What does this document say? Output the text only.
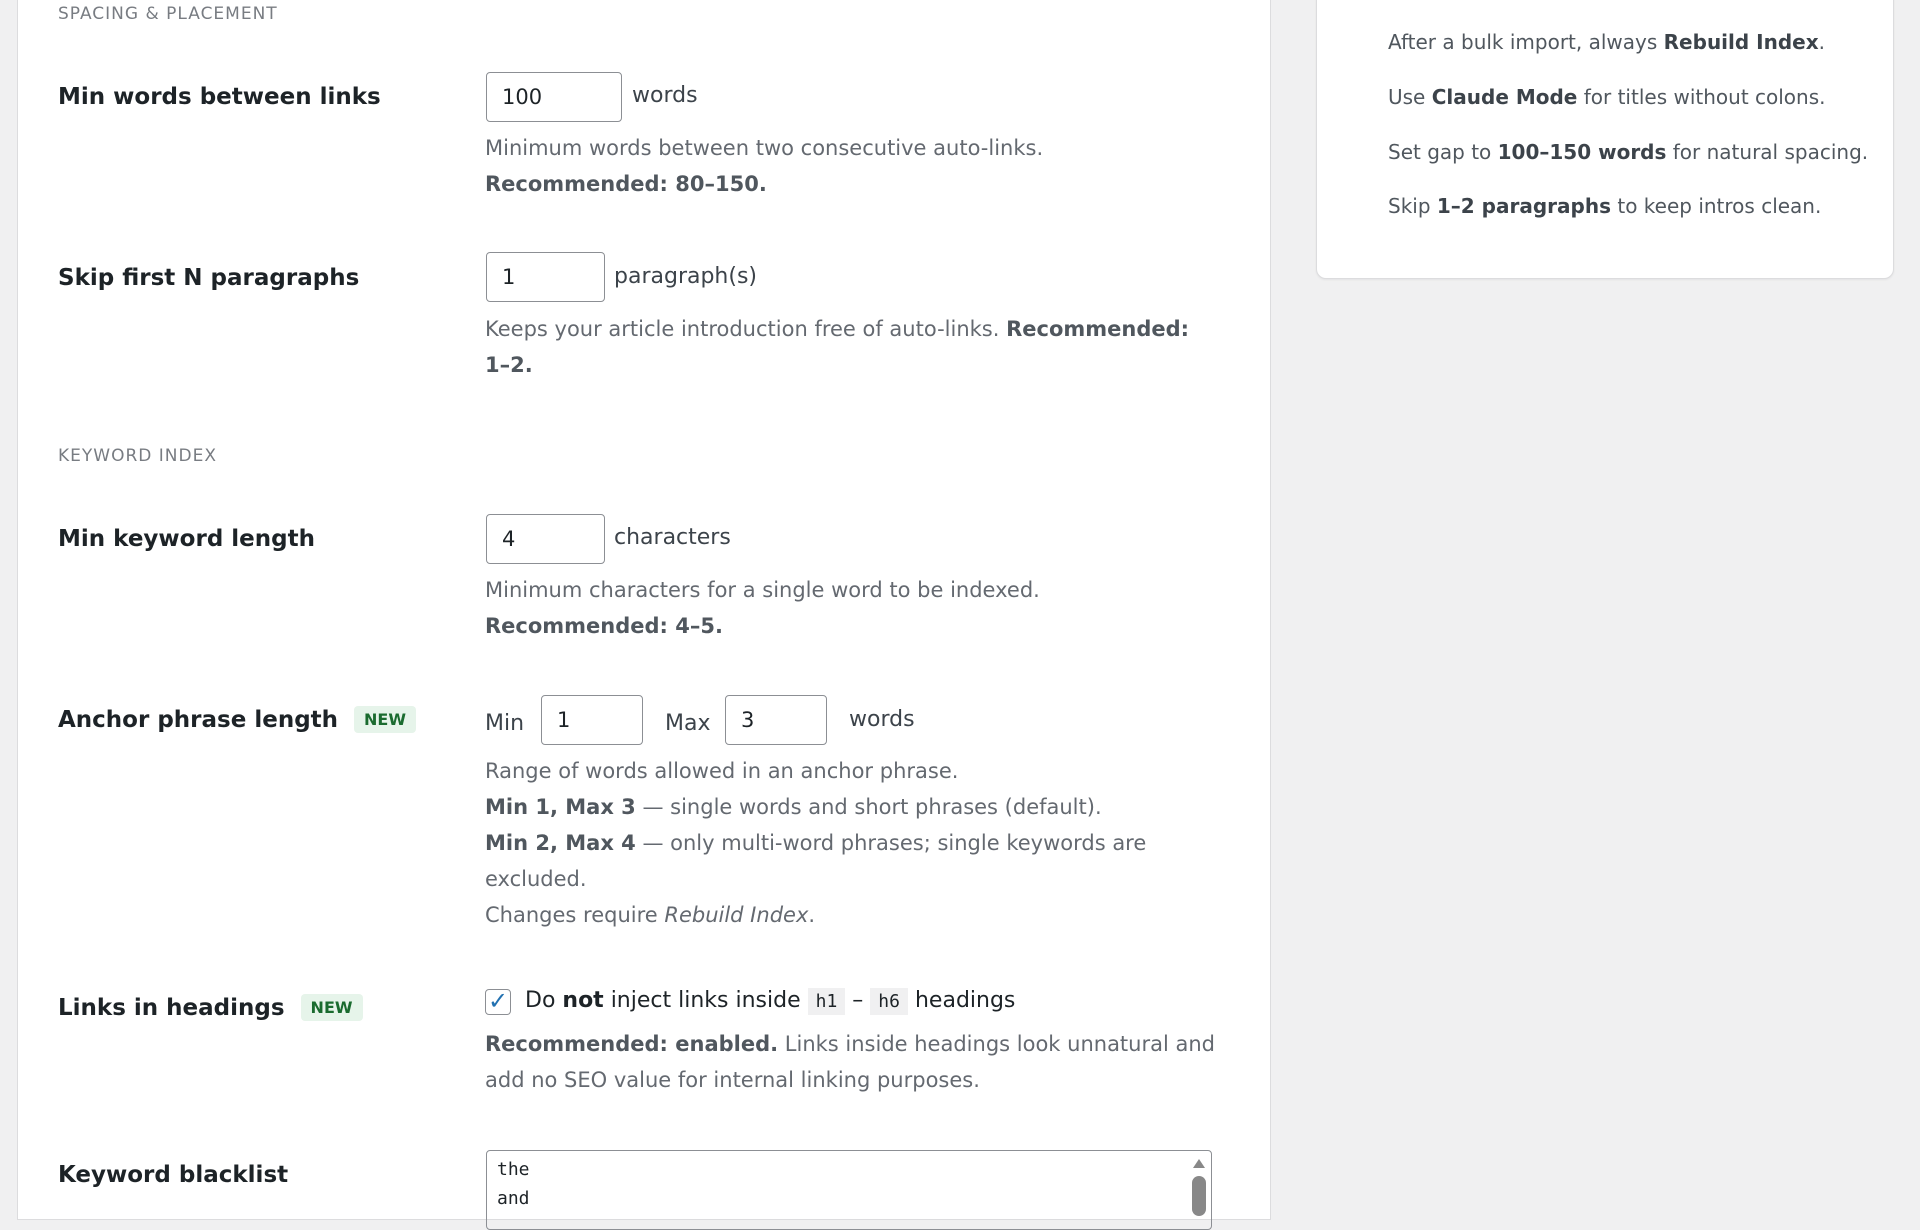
After a bulk import, always Rebuild Index.
Use Claude Mode for titles without colons.
Set gap to 100–150 words for natural spacing.
Skip 1–2 paragraphs to keep intros clean.
SPACING & PLACEMENT
Min words between links	100	words
Minimum words between two consecutive auto-links.
Recommended: 80–150.
Skip first N paragraphs	1	paragraph(s)
Keeps your article introduction free of auto-links. Recommended: 1–2.
KEYWORD INDEX
Min keyword length	4	characters
Minimum characters for a single word to be indexed.
Recommended: 4–5.
Anchor phrase length	NEW	Min	1	Max	3	words
Range of words allowed in an anchor phrase.
Min 1, Max 3 — single words and short phrases (default).
Min 2, Max 4 — only multi-word phrases; single keywords are excluded.
Changes require Rebuild Index.
Links in headings	NEW	✓ Do not inject links inside h1 – h6 headings
Recommended: enabled. Links inside headings look unnatural and add no SEO value for internal linking purposes.
Keyword blacklist	the
and
